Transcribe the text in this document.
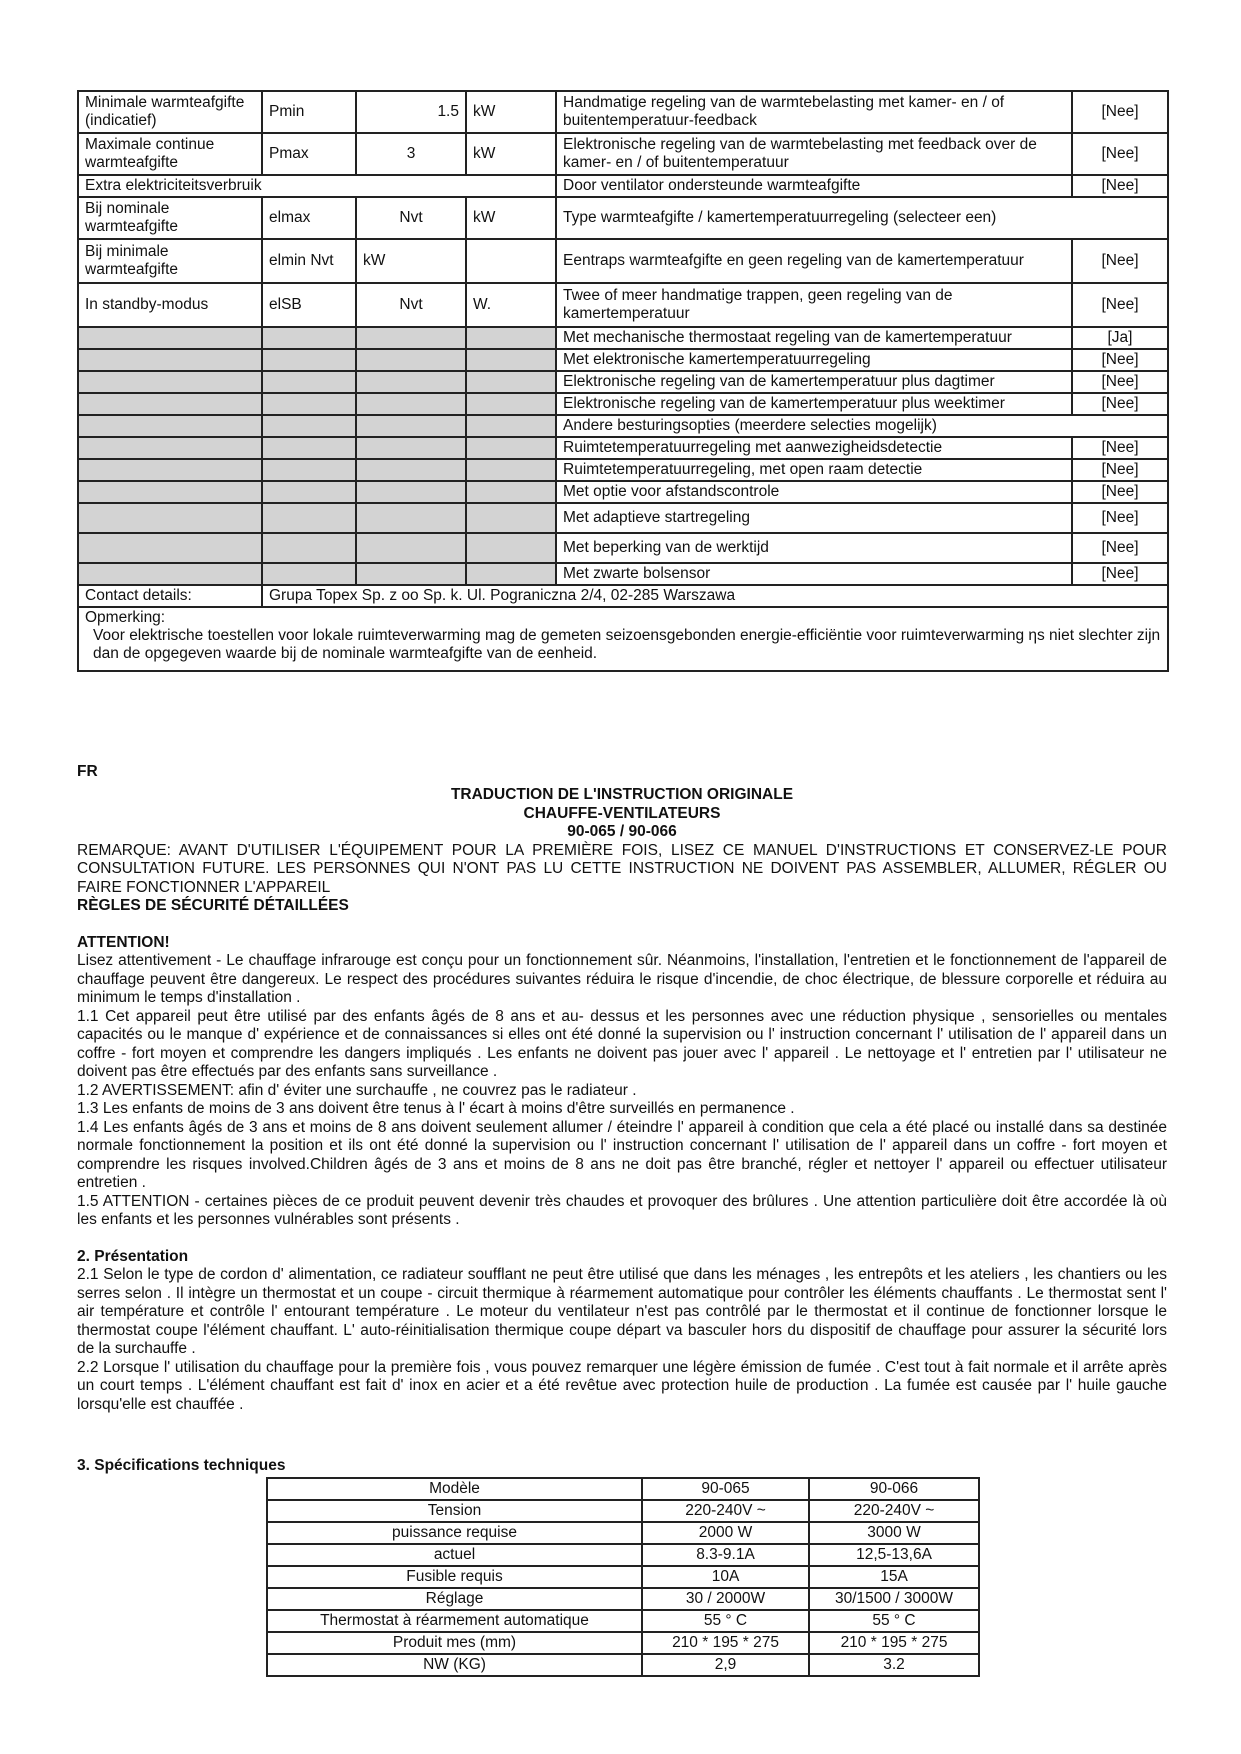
Minimale warmteafgifte (indicatief)	Pmin	1.5	kW	Handmatige regeling van de warmtebelasting met kamer- en / of buitentemperatuur-feedback	[Nee]
Maximale continue warmteafgifte	Pmax	3	kW	Elektronische regeling van de warmtebelasting met feedback over de kamer- en / of buitentemperatuur	[Nee]
Extra elektriciteitsverbruik				Door ventilator ondersteunde warmteafgifte	[Nee]
Bij nominale warmteafgifte	elmax	Nvt	kW	Type warmteafgifte / kamertemperatuurregeling (selecteer een)	
Bij minimale warmteafgifte	elmin Nvt	kW		Eentraps warmteafgifte en geen regeling van de kamertemperatuur	[Nee]
In standby-modus	elSB	Nvt	W.	Twee of meer handmatige trappen, geen regeling van de kamertemperatuur	[Nee]
				Met mechanische thermostaat regeling van de kamertemperatuur	[Ja]
				Met elektronische kamertemperatuurregeling	[Nee]
				Elektronische regeling van de kamertemperatuur plus dagtimer	[Nee]
				Elektronische regeling van de kamertemperatuur plus weektimer	[Nee]
				Andere besturingsopties (meerdere selecties mogelijk)	
				Ruimtetemperatuurregeling met aanwezigheidsdetectie	[Nee]
				Ruimtetemperatuurregeling, met open raam detectie	[Nee]
				Met optie voor afstandscontrole	[Nee]
				Met adaptieve startregeling	[Nee]
				Met beperking van de werktijd	[Nee]
				Met zwarte bolsensor	[Nee]
Contact details:	Grupa Topex Sp. z oo Sp. k. Ul. Pograniczna 2/4, 02-285 Warszawa				

Opmerking:
Voor elektrische toestellen voor lokale ruimteverwarming mag de gemeten seizoensgebonden energie-efficiëntie voor ruimteverwarming ηs niet slechter zijn dan de opgegeven waarde bij de nominale warmteafgifte van de eenheid.					

FR

TRADUCTION DE L'INSTRUCTION ORIGINALE

CHAUFFE-VENTILATEURS

90-065 / 90-066

REMARQUE: AVANT D'UTILISER L'ÉQUIPEMENT POUR LA PREMIÈRE FOIS, LISEZ CE MANUEL D'INSTRUCTIONS ET CONSERVEZ-LE POUR CONSULTATION FUTURE. LES PERSONNES QUI N'ONT PAS LU CETTE INSTRUCTION NE DOIVENT PAS ASSEMBLER, ALLUMER, RÉGLER OU FAIRE FONCTIONNER L'APPAREIL

RÈGLES DE SÉCURITÉ DÉTAILLÉES

ATTENTION!

Lisez attentivement - Le chauffage infrarouge est conçu pour un fonctionnement sûr. Néanmoins, l'installation, l'entretien et le fonctionnement de l'appareil de chauffage peuvent être dangereux. Le respect des procédures suivantes réduira le risque d'incendie, de choc électrique, de blessure corporelle et réduira au minimum le temps d'installation .

1.1 Cet appareil peut être utilisé par des enfants âgés de 8 ans et au- dessus et les personnes avec une réduction physique , sensorielles ou mentales capacités ou le manque d' expérience et de connaissances si elles ont été donné la supervision ou l' instruction concernant l' utilisation de l' appareil dans un coffre - fort moyen et comprendre les dangers impliqués . Les enfants ne doivent pas jouer avec l' appareil . Le nettoyage et l' entretien par l' utilisateur ne doivent pas être effectués par des enfants sans surveillance .

1.2 AVERTISSEMENT: afin d' éviter une surchauffe , ne couvrez pas le radiateur .

1.3 Les enfants de moins de 3 ans doivent être tenus à l' écart à moins d'être surveillés en permanence .

1.4 Les enfants âgés de 3 ans et moins de 8 ans doivent seulement allumer / éteindre l' appareil à condition que cela a été placé ou installé dans sa destinée normale fonctionnement la position et ils ont été donné la supervision ou l' instruction concernant l' utilisation de l' appareil dans un coffre - fort moyen et comprendre les risques involved.Children âgés de 3 ans et moins de 8 ans ne doit pas être branché, régler et nettoyer l' appareil ou effectuer utilisateur entretien .

1.5 ATTENTION - certaines pièces de ce produit peuvent devenir très chaudes et provoquer des brûlures . Une attention particulière doit être accordée là où les enfants et les personnes vulnérables sont présents .

2. Présentation

2.1 Selon le type de cordon d' alimentation, ce radiateur soufflant ne peut être utilisé que dans les ménages , les entrepôts et les ateliers , les chantiers ou les serres selon . Il intègre un thermostat et un coupe - circuit thermique à réarmement automatique pour contrôler les éléments chauffants . Le thermostat sent l' air température et contrôle l' entourant température . Le moteur du ventilateur n'est pas contrôlé par le thermostat et il continue de fonctionner lorsque le thermostat coupe l'élément chauffant. L' auto-réinitialisation thermique coupe départ va basculer hors du dispositif de chauffage pour assurer la sécurité lors de la surchauffe .

2.2 Lorsque l' utilisation du chauffage pour la première fois , vous pouvez remarquer une légère émission de fumée . C'est tout à fait normale et il arrête après un court temps . L'élément chauffant est fait d' inox en acier et a été revêtue avec protection huile de production . La fumée est causée par l' huile gauche lorsqu'elle est chauffée .

3. Spécifications techniques

Modèle	90-065	90-066
Tension	220-240V ~	220-240V ~
puissance requise	2000 W	3000 W
actuel	8.3-9.1A	12,5-13,6A
Fusible requis	10A	15A
Réglage	30 / 2000W	30/1500 / 3000W
Thermostat à réarmement automatique	55 ° C	55 ° C
Produit mes (mm)	210 * 195 * 275	210 * 195 * 275
NW (KG)	2,9	3.2
